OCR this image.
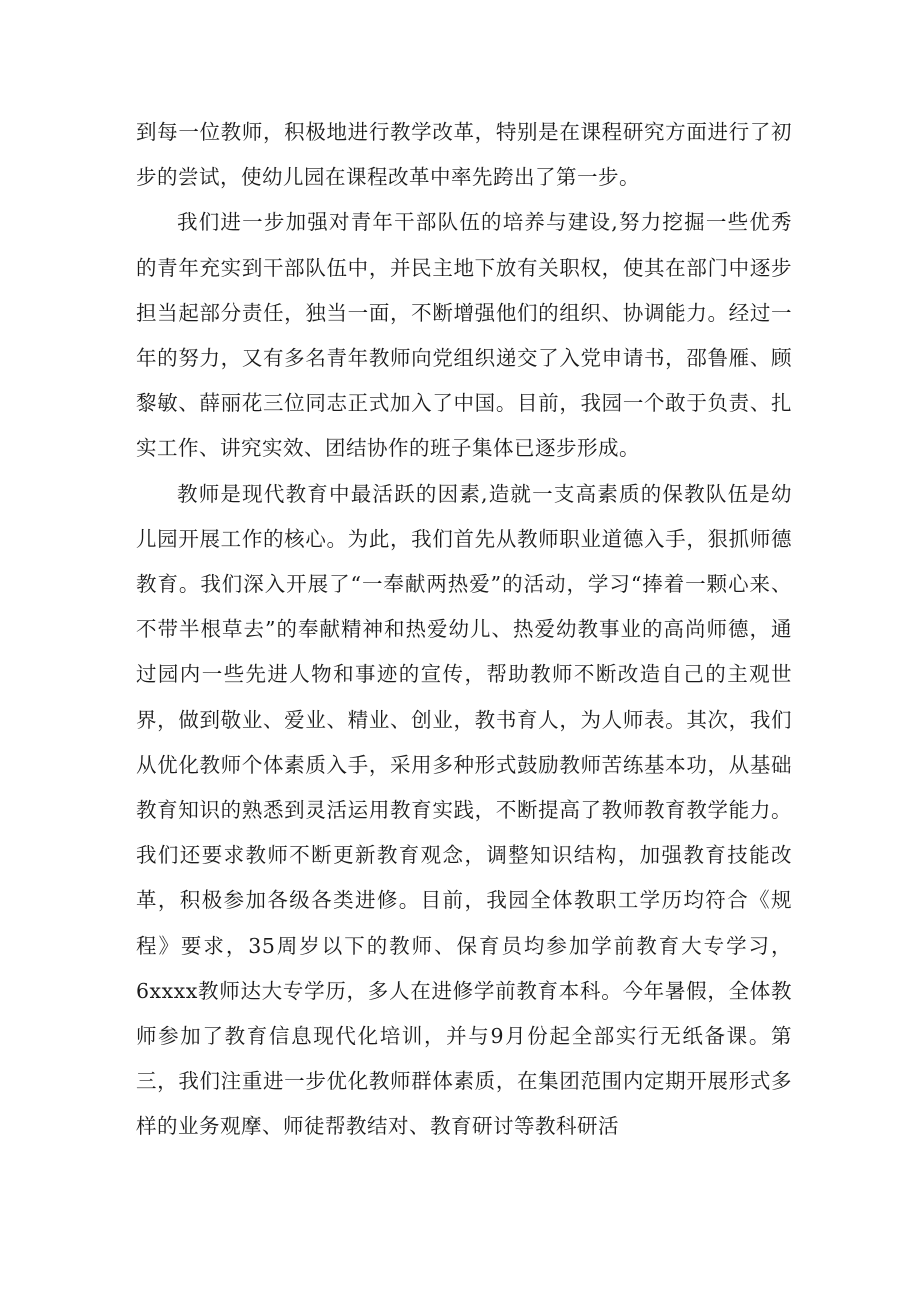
到每一位教师，积极地进行教学改革，特别是在课程研究方面进行了初步的尝试，使幼儿园在课程改革中率先跨出了第一步。

我们进一步加强对青年干部队伍的培养与建设,努力挖掘一些优秀的青年充实到干部队伍中，并民主地下放有关职权，使其在部门中逐步担当起部分责任，独当一面，不断增强他们的组织、协调能力。经过一年的努力，又有多名青年教师向党组织递交了入党申请书，邵鲁雁、顾黎敏、薛丽花三位同志正式加入了中国。目前，我园一个敢于负责、扎实工作、讲究实效、团结协作的班子集体已逐步形成。

教师是现代教育中最活跃的因素,造就一支高素质的保教队伍是幼儿园开展工作的核心。为此，我们首先从教师职业道德入手，狠抓师德教育。我们深入开展了“一奉献两热爱”的活动，学习“捧着一颗心来、不带半根草去”的奉献精神和热爱幼儿、热爱幼教事业的高尚师德，通过园内一些先进人物和事迹的宣传，帮助教师不断改造自己的主观世界，做到敬业、爱业、精业、创业，教书育人，为人师表。其次，我们从优化教师个体素质入手，采用多种形式鼓励教师苦练基本功，从基础教育知识的熟悉到灵活运用教育实践，不断提高了教师教育教学能力。我们还要求教师不断更新教育观念，调整知识结构，加强教育技能改革，积极参加各级各类进修。目前，我园全体教职工学历均符合《规程》要求，35周岁以下的教师、保育员均参加学前教育大专学习，6xxxx教师达大专学历，多人在进修学前教育本科。今年暑假，全体教师参加了教育信息现代化培训，并与9月份起全部实行无纸备课。第三，我们注重进一步优化教师群体素质，在集团范围内定期开展形式多样的业务观摩、师徒帮教结对、教育研讨等教科研活
